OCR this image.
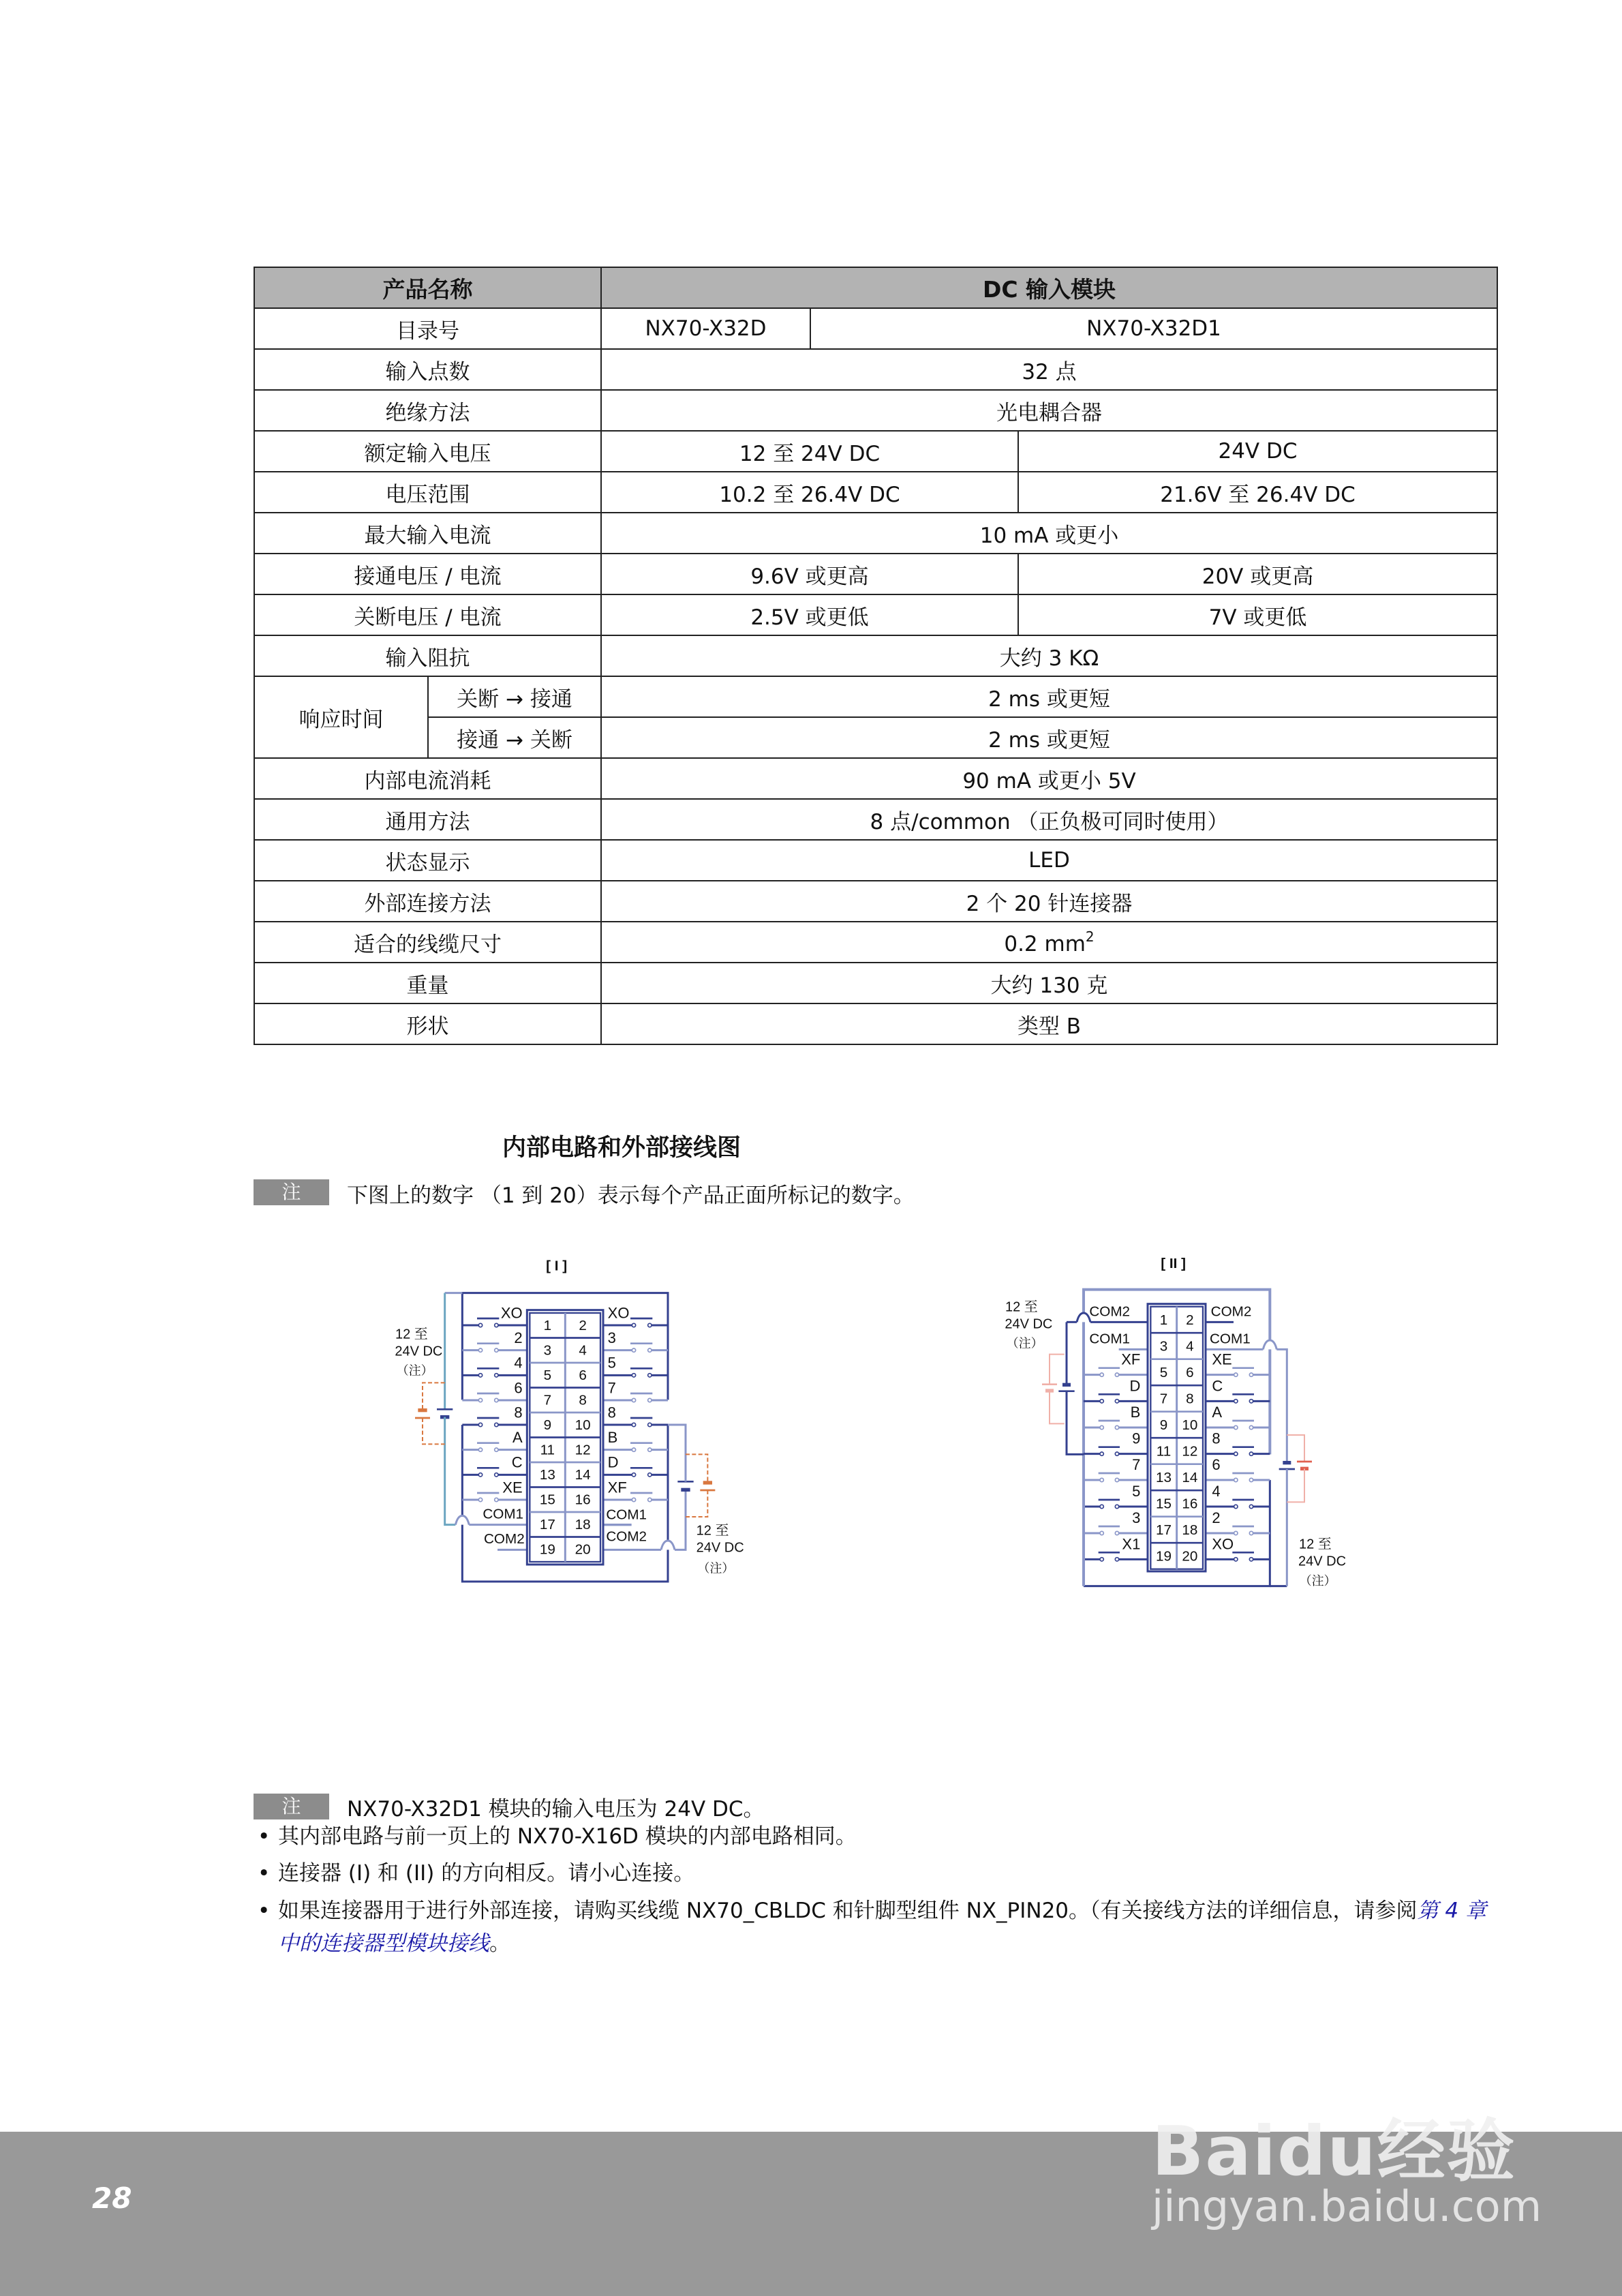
产品名称		DC 输入模块		
目录号		NX70-X32D	NX70-X32D1	
输入点数		32 点		
绝缘方法		光电耦合器		
额定输入电压		12 至 24V DC		24V DC
电压范围		10.2 至 26.4V DC		21.6V 至 26.4V DC
最大输入电流		10 mA 或更小		
接通电压 / 电流		9.6V 或更高		20V 或更高
关断电压 / 电流		2.5V 或更低		7V 或更低
输入阻抗		大约 3 KΩ		
响应时间	关断 → 接通	2 ms 或更短		
	接通 → 关断	2 ms 或更短		
内部电流消耗		90 mA 或更小 5V		
通用方法		8 点/common （正负极可同时使用）		
状态显示		LED		
外部连接方法		2 个 20 针连接器		
适合的线缆尺寸		0.2 $mm^2$
重量		大约 130 克		
形状		类型 B		
内部电路和外部接线图
注	下图上的数字 （1 到 20）表示每个产品正面所标记的数字。
[ I ]
XO XO
2 3
4 5
6 7
8 8
A B
C D
XE XF
COM1
COM2
COM1
COM2
1 2
3 4
5 6
7 8
9 10
11 12
13 14
15 16
17 18
19 20
12 至
24V DC
（注）
12 至
24V DC
（注）
[ II ]
XF XE
D C
B A
9 8
7 6
5 4
3 2
X1 XO
COM2
COM1
COM2
COM1
1 2
3 4
5 6
7 8
9 10
11 12
13 14
15 16
17 18
19 20
12 至
24V DC
（注）
12 至
24V DC
（注）
注	NX70-X32D1 模块的输入电压为 24V DC。
• 其内部电路与前一页上的 NX70-X16D 模块的内部电路相同。
• 连接器 (I) 和 (II) 的方向相反。请小心连接。
• 如果连接器用于进行外部连接，请购买线缆 NX70_CBLDC 和针脚型组件 NX_PIN20。（有关接线方法的详细信息，请参阅第 4 章中的连接器型模块接线。
28
Baidu经验
jingyan.baidu.com
